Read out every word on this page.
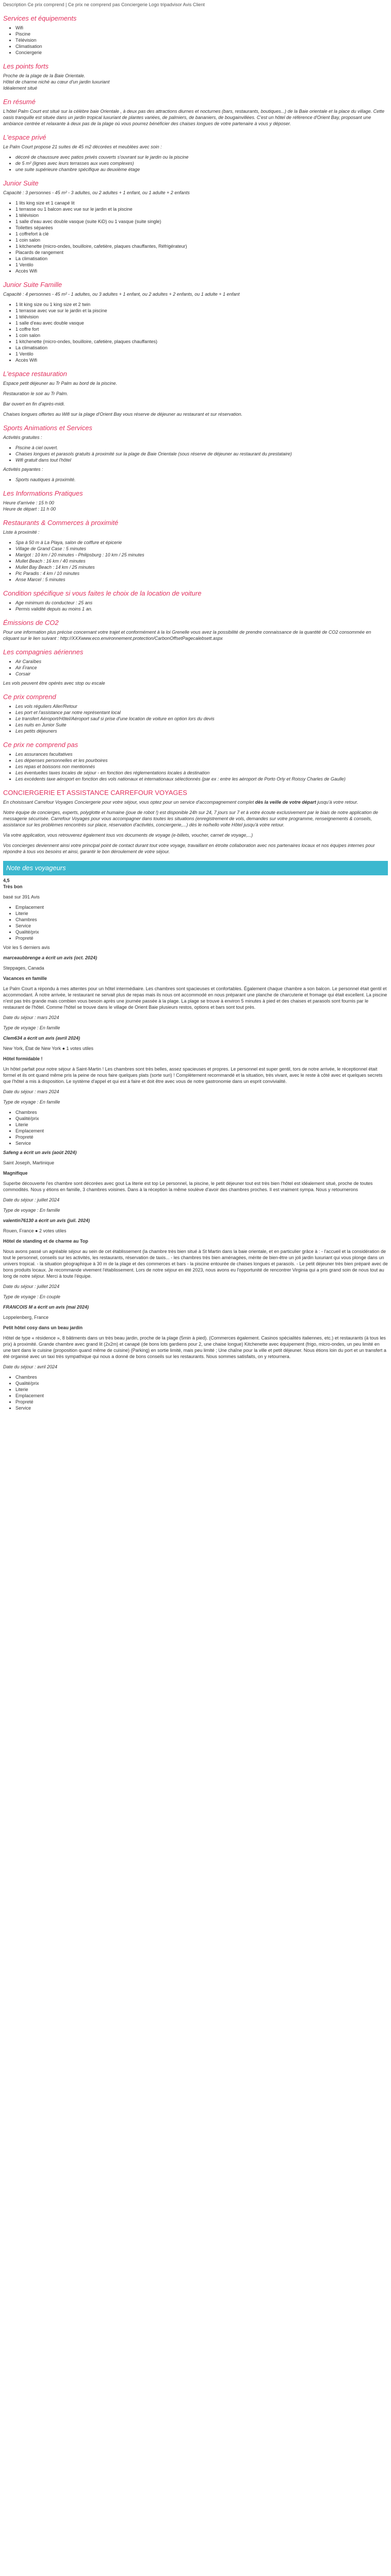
Description Ce prix comprend | Ce prix ne comprend pas Conciergerie Logo tripadvisor Avis Client
Services et équipements
• Wifi
• Piscine
• Télévision
• Climatisation
• Conciergerie
Les points forts

Proche de la plage de la Baie Orientale.
Hôtel de charme niché au cœur d'un jardin luxuriant
Idéalement situé

En résumé

L'hôtel Palm Court est situé sur la célèbre baie Orientale , à deux pas des attractions diurnes et nocturnes (bars, restaurants, boutiques...) de la Baie orientale et la place du village. Cette oasis tranquille est située dans un jardin tropical luxuriant de plantes variées, de palmiers, de bananiers, de bougainvillées. C'est un hôtel de référence d'Orient Bay, proposant une ambiance centrée et relaxante à deux pas de la plage où vous pourrez bénéficier des chaises longues de votre partenaire à vous y déposer.

L'espace privé

Le Palm Court propose 21 suites de 45 m2 décorées et meublées avec soin :

• décoré de chaussure avec patios privés couverts s'ouvrant sur le jardin ou la piscine
• de 5 m² (lignes avec leurs terrasses aux vues complexes)
• une suite supérieure chambre spécifique au deuxième étage
Junior Suite

Capacité : 3 personnes - 45 m² - 3 adultes, ou 2 adultes + 1 enfant, ou 1 adulte + 2 enfants

• 1 lits king size et 1 canapé lit
• 1 terrasse ou 1 balcon avec vue sur le jardin et la piscine
• 1 télévision
• 1 salle d'eau avec double vasque (suite KiD) ou 1 vasque (suite single)
• Toilettes séparées
• 1 coffrefort à clé
• 1 coin salon
• 1 kitchenette (micro-ondes, bouilloire, cafetière, plaques chauffantes, Réfrigérateur)
• Placards de rangement
• La climatisation
• 1 Ventilo
• Accès Wifi
Junior Suite Famille

Capacité : 4 personnes - 45 m² - 1 adultes, ou 3 adultes + 1 enfant, ou 2 adultes + 2 enfants, ou 1 adulte + 1 enfant

• 1 lit king size ou 1 king size et 2 twin
• 1 terrasse avec vue sur le jardin et la piscine
• 1 télévision
• 1 salle d'eau avec double vasque
• 1 coffre fort
• 1 coin salon
• 1 kitchenette (micro-ondes, bouilloire, cafetière, plaques chauffantes)
• La climatisation
• 1 Ventilo
• Accès Wifi
L'espace restauration

Espace petit déjeuner au Tr Palm au bord de la piscine.

Restauration le soir au Tr Palm.

Bar ouvert en fin d'après-midi.

Chaises longues offertes au Wifi sur la plage d'Orient Bay vous réserve de déjeuner au restaurant et sur réservation.

Sports Animations et Services

Activités gratuites :

• Piscine à ciel ouvert.
• Chaises longues et parasols gratuits à proximité sur la plage de Baie Orientale (sous réserve de déjeuner au restaurant du prestataire)
• Wifi gratuit dans tout l'hôtel

Activités payantes :

• Sports nautiques à proximité.
Les Informations Pratiques

Heure d'arrivée : 15 h 00
Heure de départ : 11 h 00

Restaurants & Commerces à proximité

Liste à proximité :

• Spa à 50 m à La Playa, salon de coiffure et épicerie
• Village de Grand Case : 5 minutes
• Marigot : 10 km / 20 minutes - Philipsburg : 10 km / 25 minutes
• Mullet Beach : 16 km / 40 minutes
• Mullet Bay Beach : 14 km / 25 minutes
• Pic Paradis : 4 km / 10 minutes
• Anse Marcel : 5 minutes
Condition spécifique si vous faites le choix de la location de voiture
• Age minimum du conducteur : 25 ans
• Permis validité depuis au moins 1 an.
Émissions de CO2

Pour une information plus précise concernant votre trajet et conformément à la loi Grenelle vous avez la possibilité de prendre connaissance de la quantité de CO2 consommée en cliquant sur le lien suivant : http://XXXwww.eco.environnement.protection/CarbonOffsetPagecalebsett.aspx

Les compagnies aériennes
• Air Caraïbes
• Air France
• Corsair

Les vols peuvent être opérés avec stop ou escale

Ce prix comprend
• Les vols réguliers Aller/Retour
• Les port et l'assistance par notre représentant local
• Le transfert Aéroport/Hôtel/Aéroport sauf si prise d'une location de voiture en option lors du devis
• Les nuits en Junior Suite
• Les petits déjeuners
Ce prix ne comprend pas
• Les assurances facultatives
• Les dépenses personnelles et les pourboires
• Les repas et boissons non mentionnés
• Les éventuelles taxes locales de séjour - en fonction des réglementations locales à destination
• Les excédents taxe aéroport en fonction des vols nationaux et internationaux sélectionnés (par ex : entre les aéroport de Porto Orly et Roissy Charles de Gaulle)
CONCIERGERIE ET ASSISTANCE CARREFOUR VOYAGES

En choisissant Carrefour Voyages Conciergerie pour votre séjour, vous optez pour un service d'accompagnement complet dès la veille de votre départ jusqu'à votre retour.

Notre équipe de concierges, experts, polyglotte et humaine (joue de robot !) est disponible 24h sur 24, 7 jours sur 7 et à votre écoute exclusivement par le biais de notre application de messagerie sécurisée. Carrefour Voyages pour vous accompagner dans toutes les situations (enregistrement de vols, demandes sur votre programme, renseignements & conseils, assistance sur les problèmes rencontrés sur place, réservation d'activités, conciergerie,...) dès le no/hello volte Hôtel jusqu'à votre retour.

Via votre application, vous retrouverez également tous vos documents de voyage (e-billets, voucher, carnet de voyage,...)

Vos concierges deviennent ainsi votre principal point de contact durant tout votre voyage, travaillant en étroite collaboration avec nos partenaires locaux et nos équipes internes pour répondre à tous vos besoins et ainsi, garantir le bon déroulement de votre séjour.

Note des voyageurs
4,5
Très bon

basé sur 391 Avis

• Emplacement
• Literie
• Chambres
• Service
• Qualité/prix
• Propreté

Voir les 5 derniers avis

marceaubbrenge a écrit un avis (oct. 2024)

Steppages, Canada

Vacances en famille

Le Palm Court a répondu à mes attentes pour un hôtel intermédiaire. Les chambres sont spacieuses et confortables. Également chaque chambre a son balcon. Le personnel était gentil et accommodant. À notre arrivée, le restaurant ne servait plus de repas mais ils nous ont accommodé en nous préparant une planche de charcuterie et fromage qui était excellent. La piscine n'est pas très grande mais combien vous besoin après une journée passée à la plage. La plage se trouve à environ 5 minutes à pied et des chaises et parasols sont fournis par le restaurant de l'hôtel. Comme l'hôtel se trouve dans le village de Orient Baie plusieurs restos, options et bars sont tout près.

Date du séjour : mars 2024

Type de voyage : En famille

Clem634 a écrit un avis (avril 2024)

New York, État de New York ● 1 votes utiles

Hôtel formidable !

Un hôtel parfait pour notre séjour à Saint-Martin ! Les chambres sont très belles, assez spacieuses et propres. Le personnel est super gentil, tors de notre arrivée, le réceptionnel était formel et ils ont quand même pris la peine de nous faire quelques plats (sorte suri) ! Complètement recommandé et la situation, très vivant, avec le reste à côté avec et quelques secrets que l'hôtel a mis à disposition. Le système d'appel et qui est à faire et doit être avec vous de notre gastronomie dans un esprit convivialité.

Date du séjour : mars 2024

Type de voyage : En famille

• Chambres
• Qualité/prix
• Literie
• Emplacement
• Propreté
• Service

Safeng a écrit un avis (août 2024)

Saint Joseph, Martinique

Magnifique

Superbe découverte l'es chambre sont décorées avec gout La literie est top Le personnel, la piscine, le petit déjeuner tout est très bien l'hôtel est idéalement situé, proche de toutes commodités. Nous y étions en famille, 3 chambres voisines. Dans à la réception la même soulève d'avoir des chambres proches. Il est vraiment sympa. Nous y retournerons

Date du séjour : juillet 2024

Type de voyage : En famille

valentin76130 a écrit un avis (juil. 2024)

Rouen, France ● 2 votes utiles

Hôtel de standing et de charme au Top

Nous avons passé un agréable séjour au sein de cet établissement (la chambre très bien situé à St Martin dans la baie orientale, et en particulier grâce à : - l'accueil et la considération de tout le personnel, conseils sur les activités, les restaurants, réservation de taxis... - les chambres très bien aménagées, mérite de bien-être un joli jardin luxuriant qui vous plonge dans un univers tropical. - la situation géographique à 30 m de la plage et des commerces et bars - la piscine entourée de chaises longues et parasols. - Le petit déjeuner très bien préparé avec de bons produits locaux. Je recommande vivement l'établissement. Lors de notre séjour en été 2023, nous avons eu l'opportunité de rencontrer Virginia qui a pris grand soin de nous tout au long de notre séjour. Merci à toute l'équipe.

Date du séjour : juillet 2024

Type de voyage : En couple

FRANCOIS M a écrit un avis (mai 2024)

Loppelenberg, France

Petit hôtel cosy dans un beau jardin

Hôtel de type « résidence », 8 bâtiments dans un très beau jardin, proche de la plage (5min à pied). (Commerces également. Casinos spécialités italiennes, etc.) et restaurants (à tous les prix) à proximité. Grande chambre avec grand lit (2x2m) et canapé (de bons lots gardiens pour 2, une chaise longue) Kitchenette avec équipement (frigo, micro-ondes, un peu limité en une tant dans le cuisine (proposition quand même de cuisine) (Parking) en sortie limité, mais peu limité ; Une chaîne pour la ville et petit déjeuner. Nous étions loin du port et un transfert a été organisé avec un taxi très sympathique qui nous a donné de bons conseils sur les restaurants. Nous sommes satisfaits, on y retournera.

Date du séjour : avril 2024

• Chambres
• Qualité/prix
• Literie
• Emplacement
• Propreté
• Service
